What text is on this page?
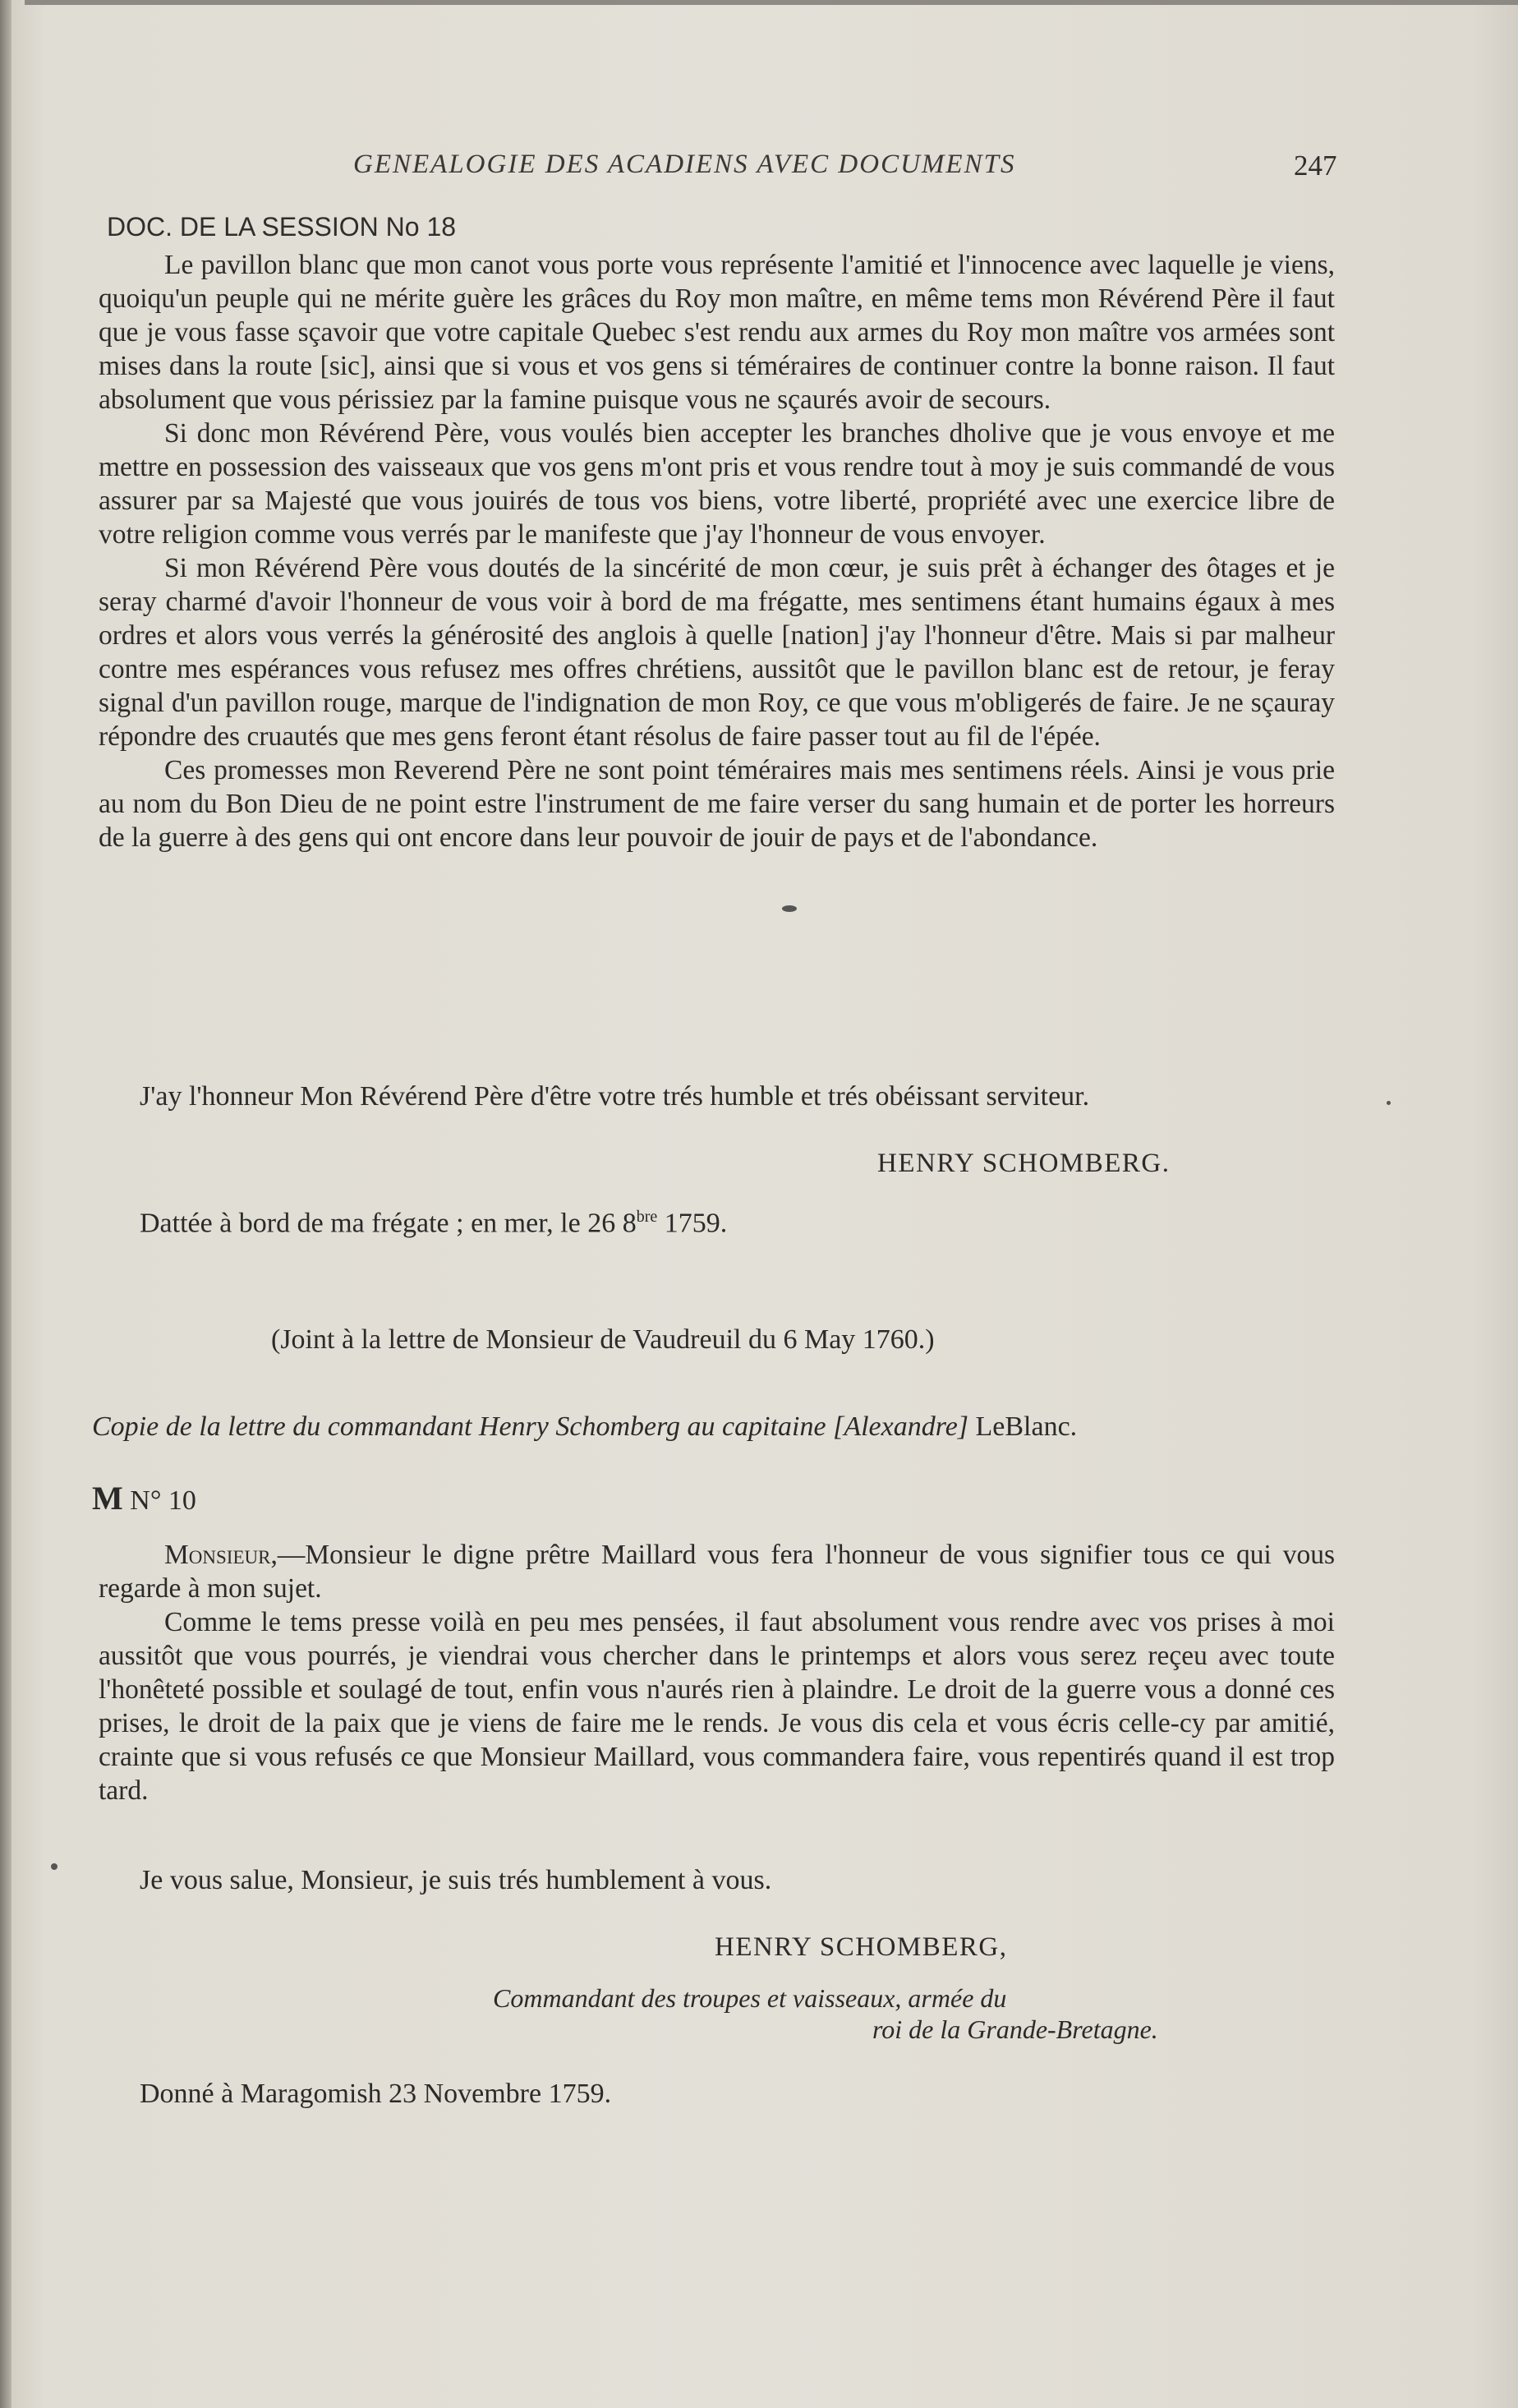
GENEALOGIE DES ACADIENS AVEC DOCUMENTS	247
DOC. DE LA SESSION No 18

Le pavillon blanc que mon canot vous porte vous représente l'amitié et l'innocence avec laquelle je viens, quoiqu'un peuple qui ne mérite guère les grâces du Roy mon maître, en même tems mon Révérend Père il faut que je vous fasse sçavoir que votre capitale Quebec s'est rendu aux armes du Roy mon maître vos armées sont mises dans la route [sic], ainsi que si vous et vos gens si téméraires de continuer contre la bonne raison. Il faut absolument que vous périssiez par la famine puisque vous ne sçaurés avoir de secours.

Si donc mon Révérend Père, vous voulés bien accepter les branches dholive que je vous envoye et me mettre en possession des vaisseaux que vos gens m'ont pris et vous rendre tout à moy je suis commandé de vous assurer par sa Majesté que vous jouirés de tous vos biens, votre liberté, propriété avec une exercice libre de votre religion comme vous verrés par le manifeste que j'ay l'honneur de vous envoyer.

Si mon Révérend Père vous doutés de la sincérité de mon cœur, je suis prêt à échanger des ôtages et je seray charmé d'avoir l'honneur de vous voir à bord de ma frégatte, mes sentimens étant humains égaux à mes ordres et alors vous verrés la générosité des anglois à quelle [nation] j'ay l'honneur d'être. Mais si par malheur contre mes espérances vous refusez mes offres chrétiens, aussitôt que le pavillon blanc est de retour, je feray signal d'un pavillon rouge, marque de l'indignation de mon Roy, ce que vous m'obligerés de faire. Je ne sçauray répondre des cruautés que mes gens feront étant résolus de faire passer tout au fil de l'épée.

Ces promesses mon Reverend Père ne sont point téméraires mais mes sentimens réels. Ainsi je vous prie au nom du Bon Dieu de ne point estre l'instrument de me faire verser du sang humain et de porter les horreurs de la guerre à des gens qui ont encore dans leur pouvoir de jouir de pays et de l'abondance.

J'ay l'honneur Mon Révérend Père d'être votre trés humble et trés obéissant serviteur.
HENRY SCHOMBERG.
Dattée à bord de ma frégate ; en mer, le 26 $8^{bre}$ 1759.
(Joint à la lettre de Monsieur de Vaudreuil du 6 May 1760.)
Copie de la lettre du commandant Henry Schomberg au capitaine [Alexandre] LeBlanc.
M N° 10

Monsieur,—Monsieur le digne prêtre Maillard vous fera l'honneur de vous signifier tous ce qui vous regarde à mon sujet.

Comme le tems presse voilà en peu mes pensées, il faut absolument vous rendre avec vos prises à moi aussitôt que vous pourrés, je viendrai vous chercher dans le printemps et alors vous serez reçeu avec toute l'honêteté possible et soulagé de tout, enfin vous n'aurés rien à plaindre. Le droit de la guerre vous a donné ces prises, le droit de la paix que je viens de faire me le rends. Je vous dis cela et vous écris celle-cy par amitié, crainte que si vous refusés ce que Monsieur Maillard, vous commandera faire, vous repentirés quand il est trop tard.

Je vous salue, Monsieur, je suis trés humblement à vous.
HENRY SCHOMBERG,
Commandant des troupes et vaisseaux, armée du
roi de la Grande-Bretagne.
Donné à Maragomish 23 Novembre 1759.
